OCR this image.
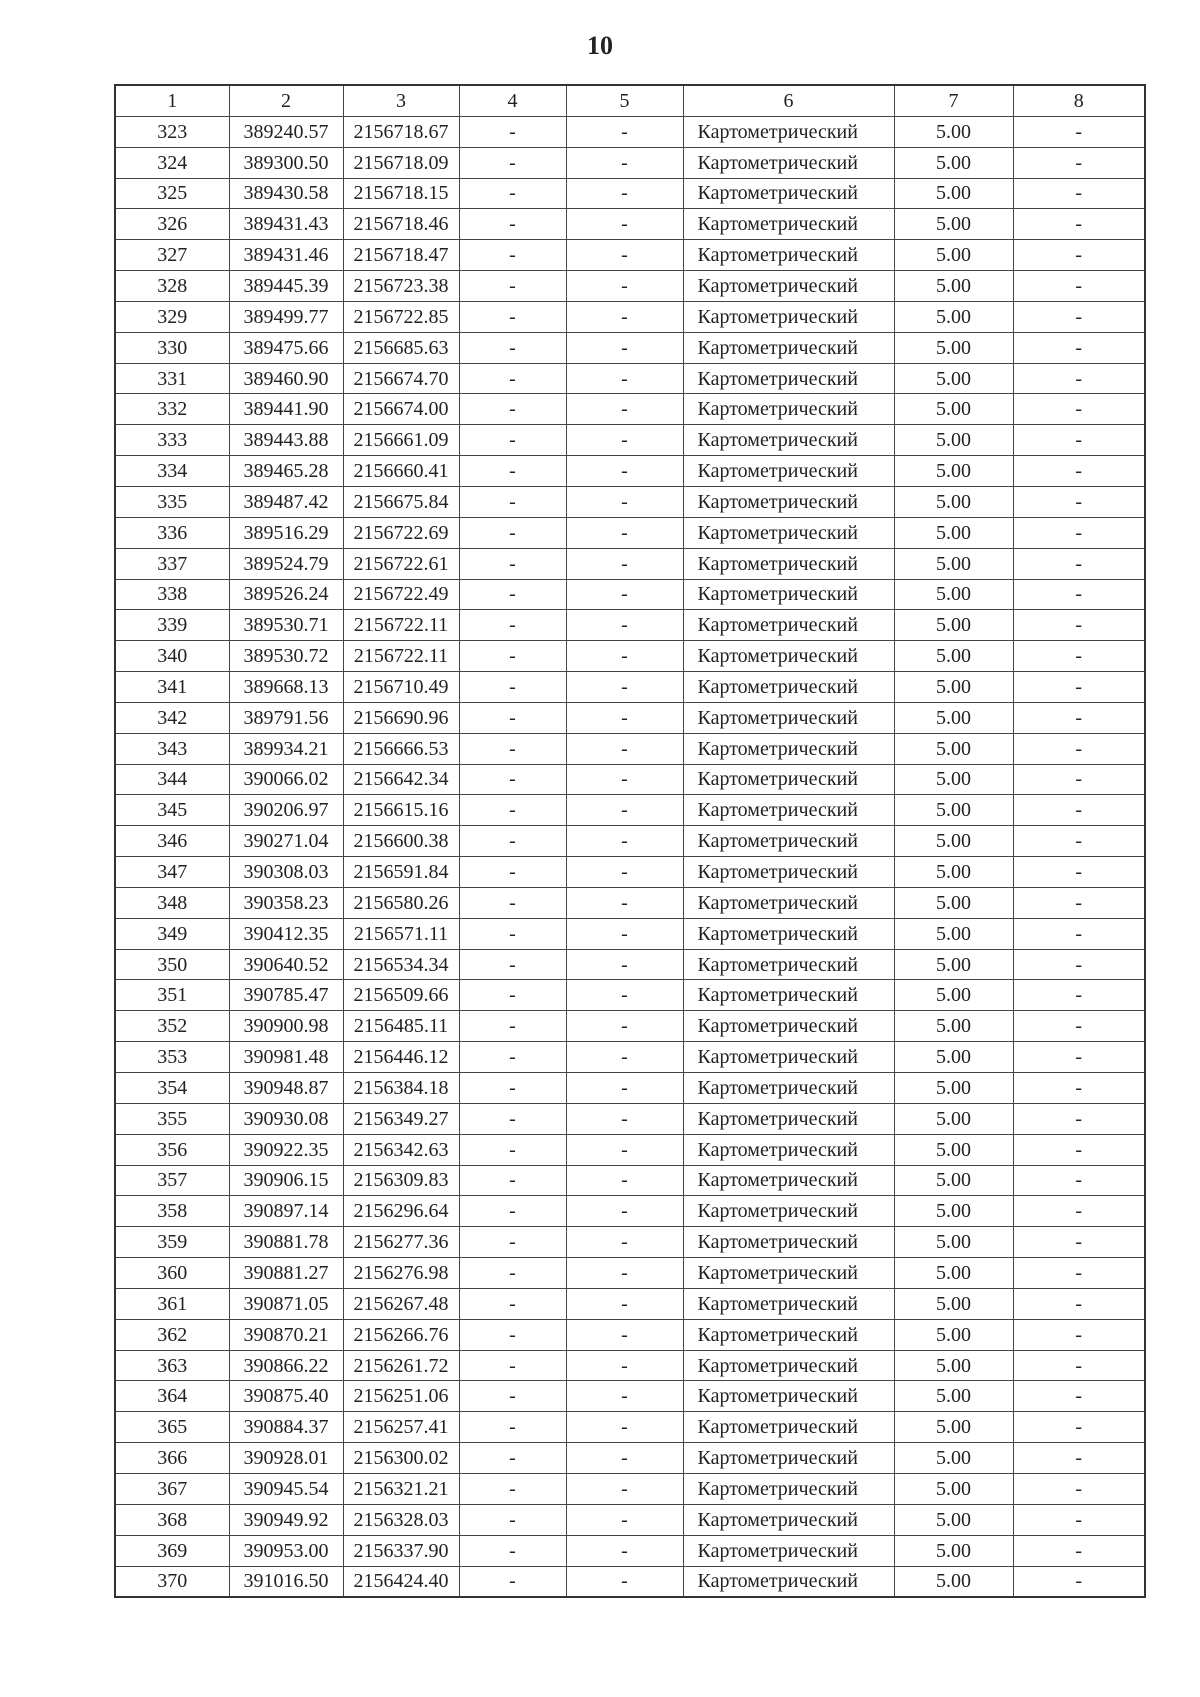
10
1	2	3	4	5	6	7	8
323	389240.57	2156718.67	-	-	Картометрический	5.00	-
324	389300.50	2156718.09	-	-	Картометрический	5.00	-
325	389430.58	2156718.15	-	-	Картометрический	5.00	-
326	389431.43	2156718.46	-	-	Картометрический	5.00	-
327	389431.46	2156718.47	-	-	Картометрический	5.00	-
328	389445.39	2156723.38	-	-	Картометрический	5.00	-
329	389499.77	2156722.85	-	-	Картометрический	5.00	-
330	389475.66	2156685.63	-	-	Картометрический	5.00	-
331	389460.90	2156674.70	-	-	Картометрический	5.00	-
332	389441.90	2156674.00	-	-	Картометрический	5.00	-
333	389443.88	2156661.09	-	-	Картометрический	5.00	-
334	389465.28	2156660.41	-	-	Картометрический	5.00	-
335	389487.42	2156675.84	-	-	Картометрический	5.00	-
336	389516.29	2156722.69	-	-	Картометрический	5.00	-
337	389524.79	2156722.61	-	-	Картометрический	5.00	-
338	389526.24	2156722.49	-	-	Картометрический	5.00	-
339	389530.71	2156722.11	-	-	Картометрический	5.00	-
340	389530.72	2156722.11	-	-	Картометрический	5.00	-
341	389668.13	2156710.49	-	-	Картометрический	5.00	-
342	389791.56	2156690.96	-	-	Картометрический	5.00	-
343	389934.21	2156666.53	-	-	Картометрический	5.00	-
344	390066.02	2156642.34	-	-	Картометрический	5.00	-
345	390206.97	2156615.16	-	-	Картометрический	5.00	-
346	390271.04	2156600.38	-	-	Картометрический	5.00	-
347	390308.03	2156591.84	-	-	Картометрический	5.00	-
348	390358.23	2156580.26	-	-	Картометрический	5.00	-
349	390412.35	2156571.11	-	-	Картометрический	5.00	-
350	390640.52	2156534.34	-	-	Картометрический	5.00	-
351	390785.47	2156509.66	-	-	Картометрический	5.00	-
352	390900.98	2156485.11	-	-	Картометрический	5.00	-
353	390981.48	2156446.12	-	-	Картометрический	5.00	-
354	390948.87	2156384.18	-	-	Картометрический	5.00	-
355	390930.08	2156349.27	-	-	Картометрический	5.00	-
356	390922.35	2156342.63	-	-	Картометрический	5.00	-
357	390906.15	2156309.83	-	-	Картометрический	5.00	-
358	390897.14	2156296.64	-	-	Картометрический	5.00	-
359	390881.78	2156277.36	-	-	Картометрический	5.00	-
360	390881.27	2156276.98	-	-	Картометрический	5.00	-
361	390871.05	2156267.48	-	-	Картометрический	5.00	-
362	390870.21	2156266.76	-	-	Картометрический	5.00	-
363	390866.22	2156261.72	-	-	Картометрический	5.00	-
364	390875.40	2156251.06	-	-	Картометрический	5.00	-
365	390884.37	2156257.41	-	-	Картометрический	5.00	-
366	390928.01	2156300.02	-	-	Картометрический	5.00	-
367	390945.54	2156321.21	-	-	Картометрический	5.00	-
368	390949.92	2156328.03	-	-	Картометрический	5.00	-
369	390953.00	2156337.90	-	-	Картометрический	5.00	-
370	391016.50	2156424.40	-	-	Картометрический	5.00	-
